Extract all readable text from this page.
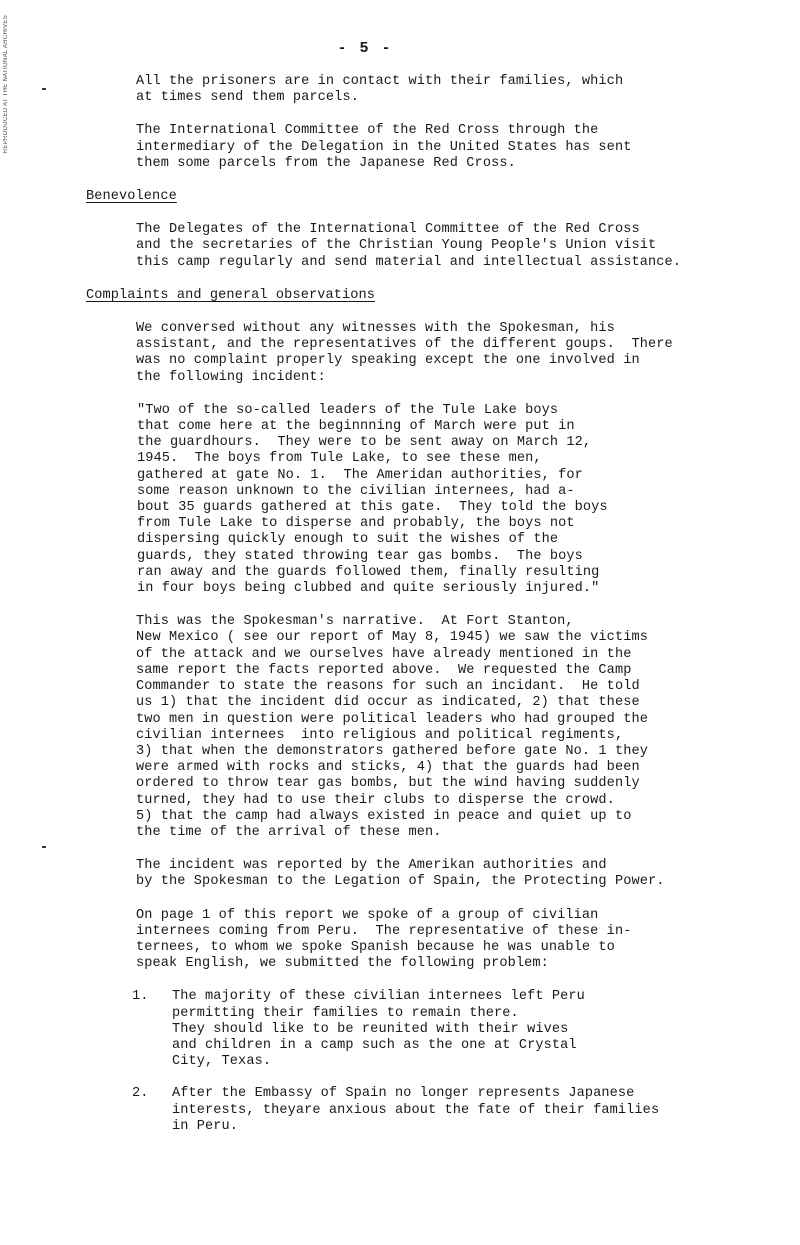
REPRODUCED AT THE NATIONAL ARCHIVES	- 5 -

All the prisoners are in contact with their families, which
at times send them parcels.

The International Committee of the Red Cross through the
intermediary of the Delegation in the United States has sent
them some parcels from the Japanese Red Cross.

Benevolence

The Delegates of the International Committee of the Red Cross
and the secretaries of the Christian Young People's Union visit
this camp regularly and send material and intellectual assistance.

Complaints and general observations

We conversed without any witnesses with the Spokesman, his
assistant, and the representatives of the different goups.  There
was no complaint properly speaking except the one involved in
the following incident:

"Two of the so-called leaders of the Tule Lake boys
that come here at the beginnning of March were put in
the guardhours.  They were to be sent away on March 12,
1945.  The boys from Tule Lake, to see these men,
gathered at gate No. 1.  The Ameridan authorities, for
some reason unknown to the civilian internees, had a-
bout 35 guards gathered at this gate.  They told the boys
from Tule Lake to disperse and probably, the boys not
dispersing quickly enough to suit the wishes of the
guards, they stated throwing tear gas bombs.  The boys
ran away and the guards followed them, finally resulting
in four boys being clubbed and quite seriously injured."

This was the Spokesman's narrative.  At Fort Stanton,
New Mexico ( see our report of May 8, 1945) we saw the victims
of the attack and we ourselves have already mentioned in the
same report the facts reported above.  We requested the Camp
Commander to state the reasons for such an incidant.  He told
us 1) that the incident did occur as indicated, 2) that these
two men in question were political leaders who had grouped the
civilian internees  into religious and political regiments,
3) that when the demonstrators gathered before gate No. 1 they
were armed with rocks and sticks, 4) that the guards had been
ordered to throw tear gas bombs, but the wind having suddenly
turned, they had to use their clubs to disperse the crowd.
5) that the camp had always existed in peace and quiet up to
the time of the arrival of these men.

The incident was reported by the Amerikan authorities and
by the Spokesman to the Legation of Spain, the Protecting Power.

On page 1 of this report we spoke of a group of civilian
internees coming from Peru.  The representative of these in-
ternees, to whom we spoke Spanish because he was unable to
speak English, we submitted the following problem:

1. The majority of these civilian internees left Peru
permitting their families to remain there.
They should like to be reunited with their wives
and children in a camp such as the one at Crystal
City, Texas.
2. After the Embassy of Spain no longer represents Japanese
interests, theyare anxious about the fate of their families
in Peru.
